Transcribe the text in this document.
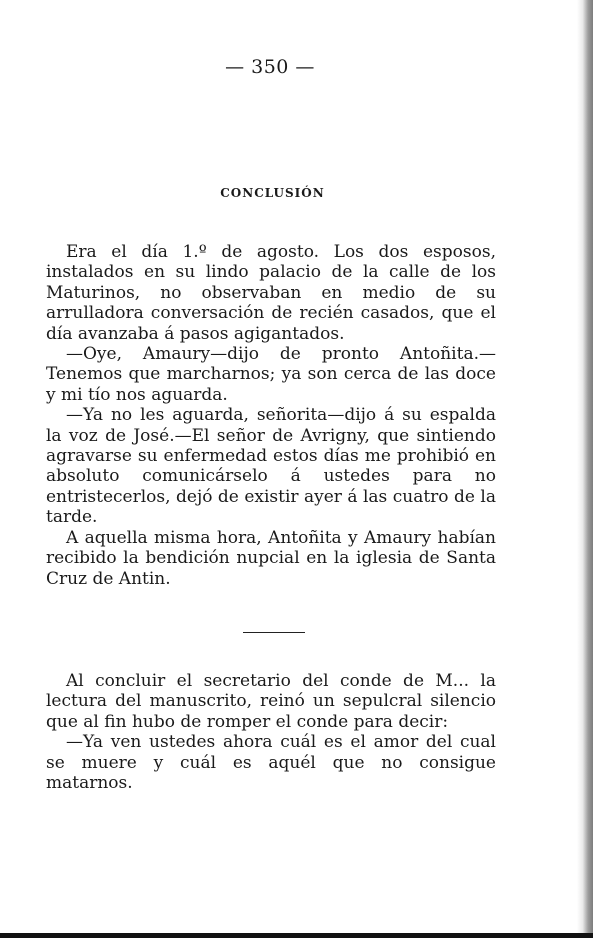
— 350 —
CONCLUSIÓN

Era el día 1.º de agosto. Los dos esposos, instalados en su lindo palacio de la calle de los Maturinos, no observaban en medio de su arrulladora conversación de recién casados, que el día avanzaba á pasos agigantados.

—Oye, Amaury—dijo de pronto Antoñita.—Tenemos que marcharnos; ya son cerca de las doce y mi tío nos aguarda.

—Ya no les aguarda, señorita—dijo á su espalda la voz de José.—El señor de Avrigny, que sintiendo agravarse su enfermedad estos días me prohibió en absoluto comunicárselo á ustedes para no entristecerlos, dejó de existir ayer á las cuatro de la tarde.

A aquella misma hora, Antoñita y Amaury habían recibido la bendición nupcial en la iglesia de Santa Cruz de Antin.

Al concluir el secretario del conde de M... la lectura del manuscrito, reinó un sepulcral silencio que al fin hubo de romper el conde para decir:

—Ya ven ustedes ahora cuál es el amor del cual se muere y cuál es aquél que no consigue matarnos.
